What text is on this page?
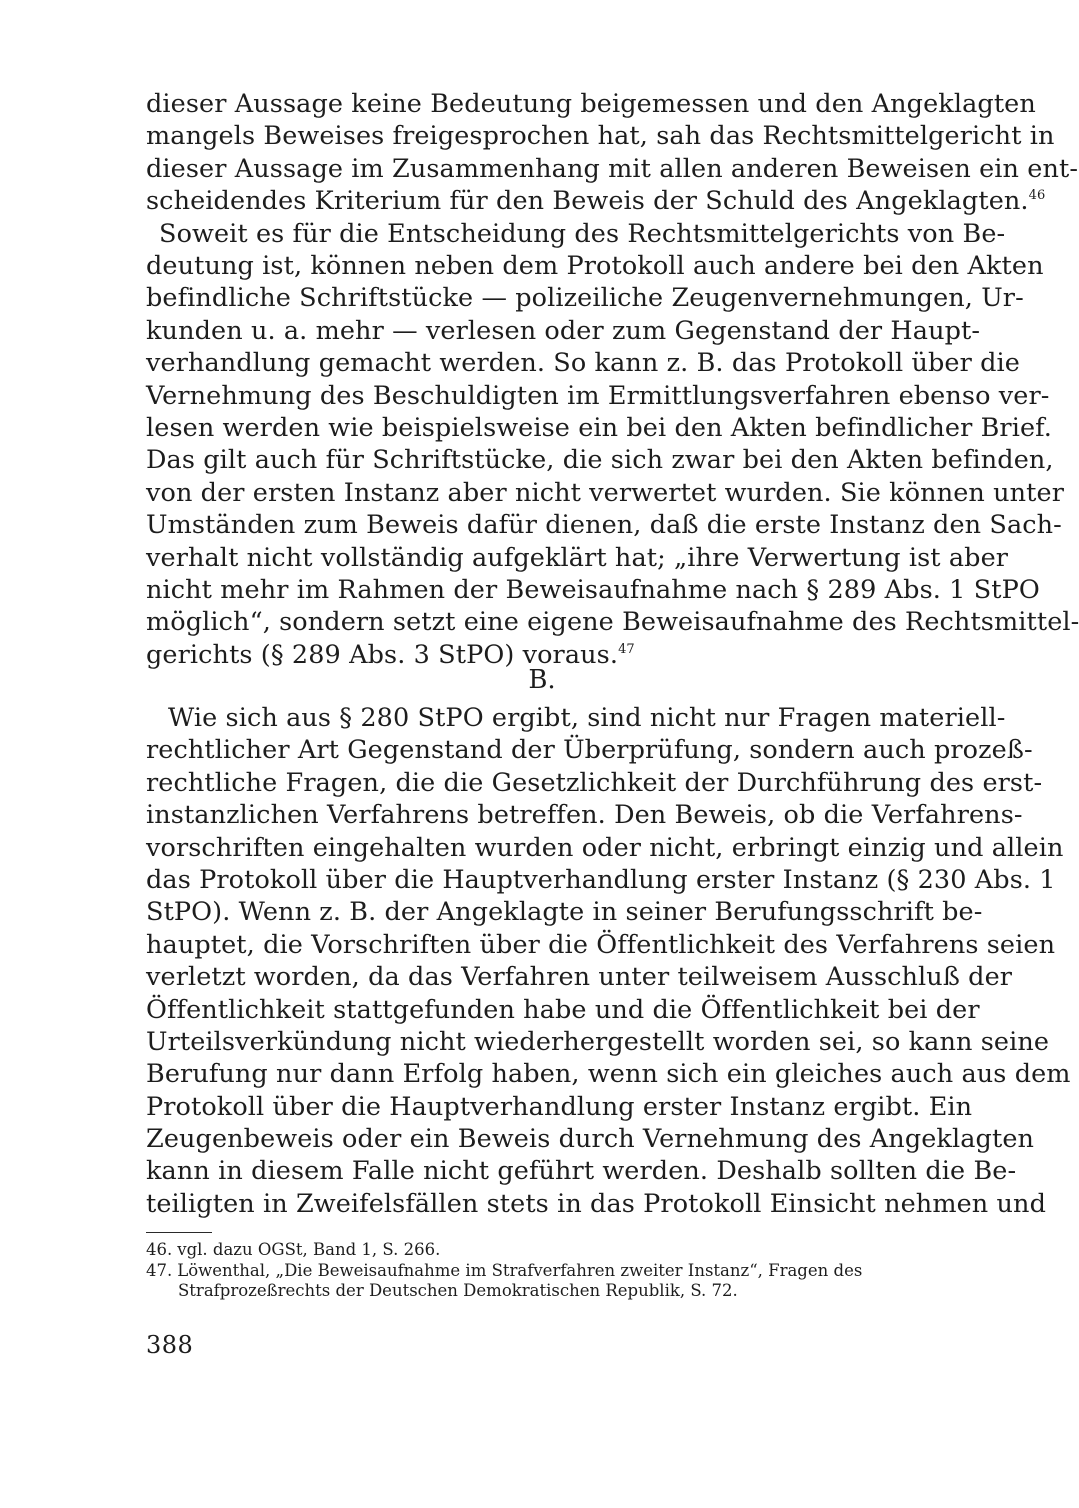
dieser Aussage keine Bedeutung beigemessen und den Angeklagten
mangels Beweises freigesprochen hat, sah das Rechtsmittelgericht in
dieser Aussage im Zusammenhang mit allen anderen Beweisen ein ent-
scheidendes Kriterium für den Beweis der Schuld des Angeklagten.$^{46}$
Soweit es für die Entscheidung des Rechtsmittelgerichts von Be-
deutung ist, können neben dem Protokoll auch andere bei den Akten
befindliche Schriftstücke — polizeiliche Zeugenvernehmungen, Ur-
kunden u. a. mehr — verlesen oder zum Gegenstand der Haupt-
verhandlung gemacht werden. So kann z. B. das Protokoll über die
Vernehmung des Beschuldigten im Ermittlungsverfahren ebenso ver-
lesen werden wie beispielsweise ein bei den Akten befindlicher Brief.
Das gilt auch für Schriftstücke, die sich zwar bei den Akten befinden,
von der ersten Instanz aber nicht verwertet wurden. Sie können unter
Umständen zum Beweis dafür dienen, daß die erste Instanz den Sach-
verhalt nicht vollständig aufgeklärt hat; „ihre Verwertung ist aber
nicht mehr im Rahmen der Beweisaufnahme nach § 289 Abs. 1 StPO
möglich“, sondern setzt eine eigene Beweisaufnahme des Rechtsmittel-
gerichts (§ 289 Abs. 3 StPO) voraus.$^{47}$
B.
Wie sich aus § 280 StPO ergibt, sind nicht nur Fragen materiell-
rechtlicher Art Gegenstand der Überprüfung, sondern auch prozeß-
rechtliche Fragen, die die Gesetzlichkeit der Durchführung des erst-
instanzlichen Verfahrens betreffen. Den Beweis, ob die Verfahrens-
vorschriften eingehalten wurden oder nicht, erbringt einzig und allein
das Protokoll über die Hauptverhandlung erster Instanz (§ 230 Abs. 1
StPO). Wenn z. B. der Angeklagte in seiner Berufungsschrift be-
hauptet, die Vorschriften über die Öffentlichkeit des Verfahrens seien
verletzt worden, da das Verfahren unter teilweisem Ausschluß der
Öffentlichkeit stattgefunden habe und die Öffentlichkeit bei der
Urteilsverkündung nicht wiederhergestellt worden sei, so kann seine
Berufung nur dann Erfolg haben, wenn sich ein gleiches auch aus dem
Protokoll über die Hauptverhandlung erster Instanz ergibt. Ein
Zeugenbeweis oder ein Beweis durch Vernehmung des Angeklagten
kann in diesem Falle nicht geführt werden. Deshalb sollten die Be-
teiligten in Zweifelsfällen stets in das Protokoll Einsicht nehmen und
46. vgl. dazu OGSt, Band 1, S. 266.
47. Löwenthal, „Die Beweisaufnahme im Strafverfahren zweiter Instanz“, Fragen des
Strafprozeßrechts der Deutschen Demokratischen Republik, S. 72.
388
